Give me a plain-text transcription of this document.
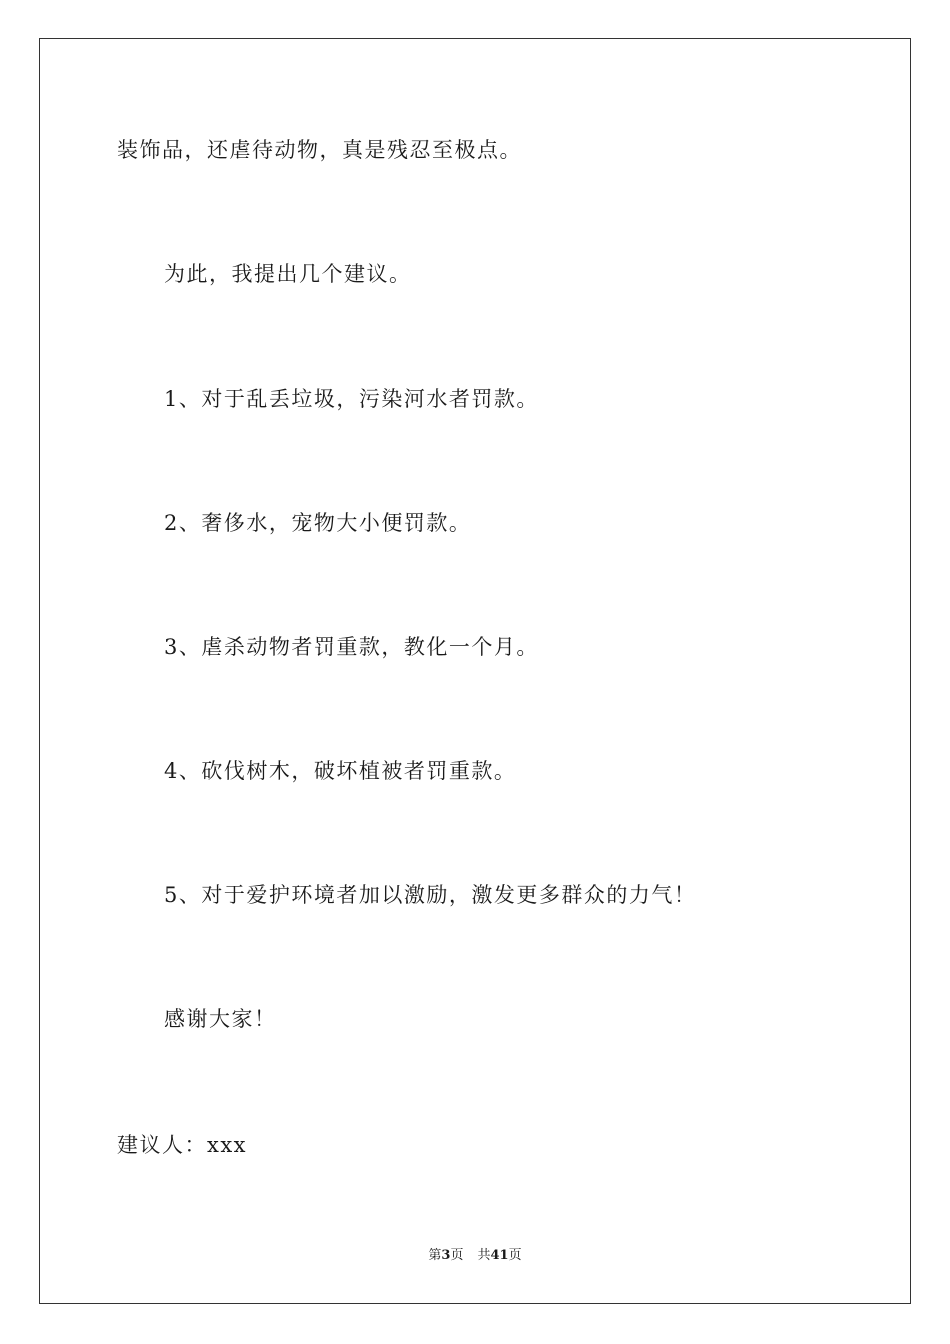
装饰品，还虐待动物，真是残忍至极点。
为此，我提出几个建议。
1、对于乱丢垃圾，污染河水者罚款。
2、奢侈水，宠物大小便罚款。
3、虐杀动物者罚重款，教化一个月。
4、砍伐树木，破坏植被者罚重款。
5、对于爱护环境者加以激励，激发更多群众的力气！
感谢大家！
建议人：xxx
第3页 共41页
